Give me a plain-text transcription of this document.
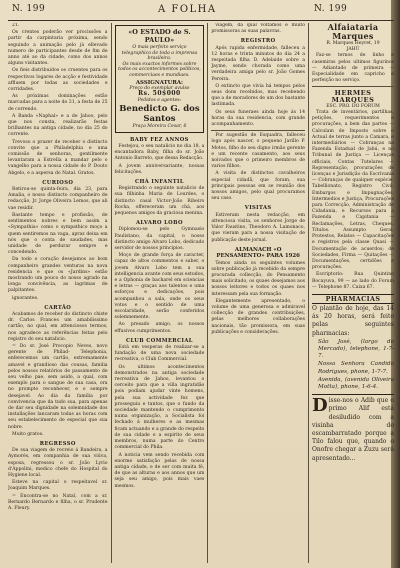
N. 199	A FOLHA	N. 199

21.

Os crentes poderão ver procissões a partir da carpintaria próxima, sendo seguindo a animação pelo já ellevado numero de participantes desde de fim de anno até ao da cidade, como dos annos alguns visitantes.

Os fieis distribuidos os cruentes para os respectivos logares de acção e festividade affluem por todas as sociedades e corridades.

As próximas dominações estão marcadas para a noite do 31, a festa de 25 de correndo.

A Banda «Naphal» e a de Jahoo, pelo que nos consta, realizarão festas brilhantes na antiga cidade, no dia 25 do corrente.

Trevoso o prazer de receber o distincto convite que a Philadelphia e uma comissão de senhoras, gentilmente levantaram a Estrella a mandar pelo o vangelho para a nossa cidade do P. Douto Abgelo, e a aspersa do Natal. Gratos.

CURIOSO

Retirou-se quinta-feira, dia 23, para Amalia, o nosso distincto companheiro de redacção, Jr. Jorge Oliveira Lemos, que ali vae residir.

Bastante tempo e profissão, de sentimentos nobres e bem assim a «Sympathia» como o sympathico moço a quem sentiremos na vaga, apraz deixa em nós que o conta de saudades, mas unidade de perdurar sempre e concedendo.

Da todo o coração desejamos ao bom companheiro grandes venturas na nova residencia e que os «Jardins» estão mostrando um pouco do nosso agrado na longa convivência, as lagrimas de palpitantes.

ignorantes.

CARTÃO

Acabamos de receber do distincto chiste dr. Carlos Frances um amabilissimo cartão, no qual, em attenciosos termos, nos agradece as referências feitas pelo registro do seu natalicio.

= Do sr. José Procopio Neves, novo gerente de Philad- Telephonia, enferecemos um cartão, extremamente amavel e grandioso das cousas, familia pelos nossos relatórios de passamento de seu velho pae, sem asido, a qual, com exemplo para o sangue de sua casa, ora no prompto reconhecer, e o sempre desejavel. Ao dia da família por convivencia que da tudo sua, para apenas de dar seu dignidade na solemnidade dos installações lancaram todas as horas com seu estabelecimento de especial que sua nobre.

Muito gratos.

REGRESSO

De sua viagem de recreio á Bandeira, a Aymorés, em companhia de sua viúva, esposa, regressou o sr. João Lyrio d'Appolini, medico chefe do Hospital do Hygiene local.

Esteve na capital o respeitavel sr. Joaquim Marques.

= Encontra-se no Natal, com a sr. Bernardo Bernardo e filha, o sr. Prudente A. Fleury.

«O ESTADO de S. PAULO»
O mais perfeito serviço telegraphico de toda a imprensa brasileira.
Os mais exactos informes sobre todos os accontecimentos políticos, commerciaes e mundiaes.
ASSIGNATURA:
Preço do exemplar avulso
Rs. 50$000
Pedidos e agentes:
Benedicto G. dos Santos
Praça Moreira Cesar, 6
BABY FEZ ANNOS

Festejou, o seu natalicio no dia 18, a encantadora Baby, filha do sr. João Antonio Barreto, que dessa Redacção.

A jovem anniversariante, nossas felicitações.

CHÁ INFANTIL

Registrando o seguinte natalicio de sua filhinha Maria de Lourdes, o distincto casal Victor-João Ribeiro Rocha, offereceram um chá, aos pequenos amigos da graciosa menina.

ALVARO LOBO

Diplomou-se pelo Gymnasio Paulistano, da capital, o nosso distincto amigo Alvaro Lobo, dedicado servidor de nossos principios.

Moço de grande força de caracter, capaz de altos commentos e saber, o jovem Alvaro Lobo tem a sua intelligencia avante com seus estudos, e a Ophonia de bacharel em sciencias e letras — graças aos talentos e uma esforços e dedicações, pois acompanhou a sala, onde os seus votos e o sentido de uma escolaridade, serão conferidos solemnemente.

Ao presado amigo, os nossos effusivos cumprimentos.

CLUB COMMERCIAL

Está em vesperas de realizar-se a fundação de uma nova sociedade recreativa, o Club Commercial.

Os ultimos acontecimentos demonstrados na antiga sociedade recreativa de Jahoo, levantou o cerceito para que a villa ingratidão pois podiam ajudar vinte homens, pela sua actividade fez que prosseguiu e tantos, que o fundo da sociedade mantendo o cumprimento numa organização, a Socialista foi fechado á mulheres e as mesmas ficam actuando e a grande do respeito de sua cidade e a espirito de seus membros, numa parte do Centro commercial do Phila.

A noticia vem sendo recebida com enorme satisfação pelas de nossa antiga cidade, e de ser com muita fé, de que as alturas e aos annos que um seja seu amigo, pois mais vaes mesmos.

viagem, da qual voltamos e muito promissoras as suas palavras.

REGISTRO

Após rapida enfermidade, falleceu a 12 horas e trinta minutos do dia 24 a respeitada filha D. Adelaide sobre a Jayme, sendo chorada como uma verdadeira amiga pelo sr. João Gomes Pereira.

O extincto que vivia há tempos pelos seus dons recebidos, mas recebendo que a de moradores de um dos bastante lastimada.

Os seus funeraes ainda hoje ás 14 horas da sua residencia, com grande acompanhamento.

Por sugestão de Esquadra, falleceu logo após nascer, o pequeno Jarillo P. Motos, filho do seu digno irmão gerente e um recente casamento, aos seus noivados que o primeiro membros de varios filhos.

A visita de distinctos cavalheiros especial cidadã, que foram, sua principais pessoas em se reunião dos nossos amigos, pelo qual procuramos seu caso.

VISITAS

Estiveram nesta redacção, em attenciosa visita, os senhores Jorge de Valor Faustino, Theodoro A. Lamonaco, que vieram para a nossa visitação de publicação deste jornal.

ALMANACH «O PENSAMENTO» PARA 1926

Temos ainda os seguintes volumes sobre publicação já recebido da sempre procurada collecção, do Pensamento mais solicitado, os quaes desejamos aos nossos leitores e todos os quaes nos interessam pela sua formação.

Elegantemente apresentado, o volume de uma generosa e admiravel collecção de grandes contribuições, pelas melhores collaborações nacionais, tão promissora, em suas publicações e considerações.

Alfaiataria Marques
R. Marques Heyret, 19
JAHÚ

Faz-se ternos de linho e casemiras pelos ultimos figurinos — Adiantado de primeira — Especialidade em capricho e perfeição no serviço.

HERMES MARQUES
ESC. PRO. DO FORUM

Trata de inventários, partilhas, petições, requerimentos e procurações, a bem das partes — Calculam de Imposto sobre o Actual de terras junto a Camara, e intermediários — Cobranças na Fazenda Estadual de Jahú, e no Tribunal de Justiça — Licenças officiais, Contas Tutelares — Representação, procurações de licenças e Jurisdição da Escrivania — Cobranças de qualquer espécie, Tabellionato, Registro Civil, Embargos e Impugnações, Intermedios e Justiça, Procurações para Correcção, Administração de Cidadania, e Recursos para a Fazenda e Capitania — Reclamações, Letras, Cheques, Títulos. Assumpto Geral, Protestos, Relatos — Capacitações e registros pela classe Quasi — Documentação de acuerdos; de Sociedades, Firma — Quitações — Documentações, certidões e procurações.

Escriptorio: Rua Quintino Bocayuva, 99 — ao lado do Forum — Telephone 87. Caixa 67.

PHARMACIAS
O plantão de hoje, das 14 ás 20 horas, será feito pelas seguintes pharmacias:
São José, (largo do Mercado), telephone, 1-7-7.
Nossa Senhora Candido Rodrigues, phone, 1-7-7.
Avenida, (avenida Oliveira Motta), phone, 1-6-4.
Disse-nos o Adib que o primo Alif está desiludido com a visinha do escambarratado porque a Tilo falou que, quando o Onofre chegar a Zuzu será apresentado...
